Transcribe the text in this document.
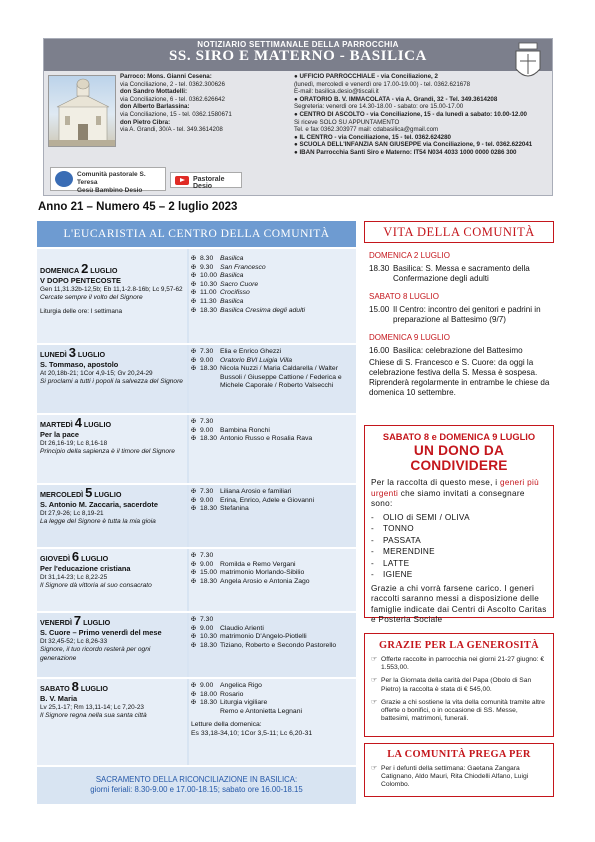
NOTIZIARIO SETTIMANALE DELLA PARROCCHIA
SS. SIRO E MATERNO - BASILICA
Parroco: Mons. Gianni Cesena:
via Conciliazione, 2 - tel. 0362.300626
don Sandro Mottadelli:
via Conciliazione, 6 - tel. 0362.626642
don Alberto Barlassina:
via Conciliazione, 15 - tel. 0362.1580671
don Pietro Cibra:
via A. Grandi, 30/A - tel. 349.3614208
● UFFICIO PARROCCHIALE - via Conciliazione, 2
(lunedì, mercoledì e venerdì ore 17.00-19.00) - tel. 0362.621678
E-mail: basilica.desio@tiscali.it
● ORATORIO B. V. IMMACOLATA - via A. Grandi, 32 - Tel. 349.3614208
Segreteria: venerdì ore 14.30-18.00 - sabato: ore 15.00-17.00
● CENTRO DI ASCOLTO - via Conciliazione, 15 - da lunedì a sabato: 10.00-12.00
Si riceve SOLO SU APPUNTAMENTO
Tel. e fax 0362.303977 mail: cdabasilica@gmail.com
● IL CENTRO - via Conciliazione, 15 - tel. 0362.624280
● SCUOLA DELL'INFANZIA SAN GIUSEPPE via Conciliazione, 9 - tel. 0362.622041
● IBAN Parrocchia Santi Siro e Materno: IT54 N034 4033 1000 0000 0286 300
Comunità pastorale S. Teresa
Gesù Bambino Desio
Pastorale Desio
Anno 21 – Numero 45 – 2 luglio 2023
L'EUCARISTIA AL CENTRO DELLA COMUNITÀ
DOMENICA 2 LUGLIO
V DOPO PENTECOSTE
Gen 11,31.32b-12,5b; Eb 11,1-2.8-16b; Lc 9,57-62
Cercate sempre il volto del Signore
Liturgia delle ore: I settimana
✠ 8.30 Basilica
✠ 9.30 San Francesco
✠ 10.00 Basilica
✠ 10.30 Sacro Cuore
✠ 11.00 Crocifisso
✠ 11.30 Basilica
✠ 18.30 Basilica Cresima degli adulti
LUNEDÌ 3 LUGLIO
S. Tommaso, apostolo
At 20,18b-21; 1Cor 4,9-15; Gv 20,24-29
Si proclami a tutti i popoli la salvezza del Signore
✠ 7.30 Elia e Enrico Ghezzi
✠ 9.00 Oratorio BVI Luigia Villa
✠ 18.30 Nicola Nuzzi / Maria Caldarella / Walter Bussoli / Giuseppe Cattione / Federica e Michele Caporale / Roberto Valsecchi
MARTEDÌ 4 LUGLIO
Per la pace
Dt 26,16-19; Lc 8,16-18
Principio della sapienza è il timore del Signore
✠ 7.30
✠ 9.00 Bambina Ronchi
✠ 18.30 Antonio Russo e Rosalia Rava
MERCOLEDÌ 5 LUGLIO
S. Antonio M. Zaccaria, sacerdote
Dt 27,9-26; Lc 8,19-21
La legge del Signore è tutta la mia gioia
✠ 7.30 Liliana Arosio e familiari
✠ 9.00 Erina, Enrico, Adele e Giovanni
✠ 18.30 Stefanina
GIOVEDÌ 6 LUGLIO
Per l'educazione cristiana
Dt 31,14-23; Lc 8,22-25
Il Signore dà vittoria al suo consacrato
✠ 7.30
✠ 9.00 Romilda e Remo Vergani
✠ 15.00 matrimonio Morlando-Sibilio
✠ 18.30 Angela Arosio e Antonia Zago
VENERDÌ 7 LUGLIO
S. Cuore – Primo venerdì del mese
Dt 32,45-52; Lc 8,26-33
Signore, il tuo ricordo resterà per ogni generazione
✠ 7.30
✠ 9.00 Claudio Arienti
✠ 10.30 matrimonio D'Angelo-Piotlelli
✠ 18.30 Tiziano, Roberto e Secondo Pastorello
SABATO 8 LUGLIO
B. V. Maria
Lv 25,1-17; Rm 13,11-14; Lc 7,20-23
Il Signore regna nella sua santa città
✠ 9.00 Angelica Rigo
✠ 18.00 Rosario
✠ 18.30 Liturgia vigiliare
Remo e Antonietta Legnani
Letture della domenica:
Es 33,18-34,10; 1Cor 3,5-11; Lc 6,20-31
SACRAMENTO DELLA RICONCILIAZIONE IN BASILICA:
giorni feriali: 8.30-9.00 e 17.00-18.15; sabato ore 16.00-18.15
VITA DELLA COMUNITÀ
DOMENICA 2 LUGLIO
18.30 Basilica: S. Messa e sacramento della Confermazione degli adulti
SABATO 8 LUGLIO
15.00 Il Centro: incontro dei genitori e padrini in preparazione al Battesimo (9/7)
DOMENICA 9 LUGLIO
16.00 Basilica: celebrazione del Battesimo
Chiese di S. Francesco e S. Cuore: da oggi la celebrazione festiva della S. Messa è sospesa. Riprenderà regolarmente in entrambe le chiese da domenica 10 settembre.
SABATO 8 e DOMENICA 9 LUGLIO
UN DONO DA CONDIVIDERE
Per la raccolta di questo mese, i generi più urgenti che siamo invitati a consegnare sono:
- OLIO di SEMI / OLIVA
- TONNO
- PASSATA
- MERENDINE
- LATTE
- IGIENE
Grazie a chi vorrà farsene carico. I generi raccolti saranno messi a disposizione delle famiglie indicate dai Centri di Ascolto Caritas e Posteria Sociale
GRAZIE PER LA GENEROSITÀ
☞ Offerte raccolte in parrocchia nei giorni 21-27 giugno: € 1.553,00.
☞ Per la Giornata della carità del Papa (Obolo di San Pietro) la raccolta è stata di € 545,00.
☞ Grazie a chi sostiene la vita della comunità tramite altre offerte o bonifici, o in occasione di SS. Messe, battesimi, matrimoni, funerali.
LA COMUNITÀ PREGA PER
☞ Per i defunti della settimana: Gaetana Zangara Catignano, Aldo Mauri, Rita Chiodelli Alfano, Luigi Colombo.
